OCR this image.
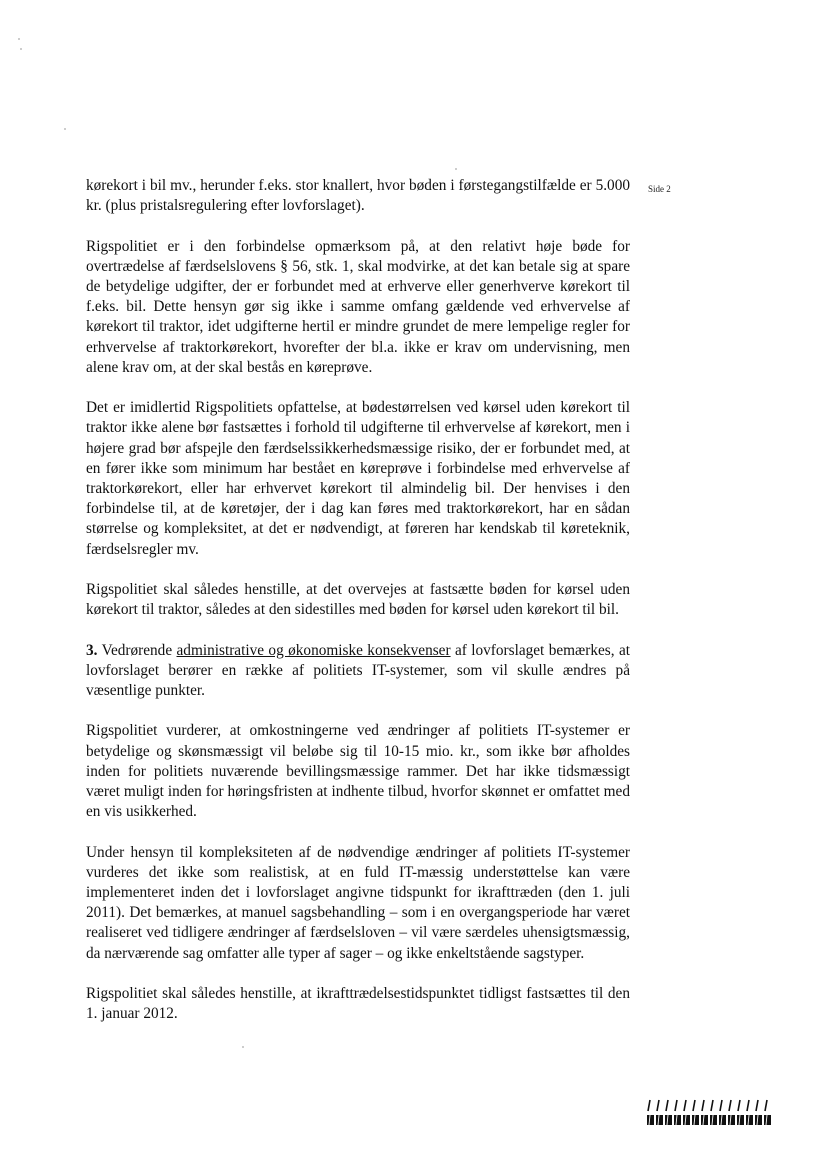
Side 2

kørekort i bil mv., herunder f.eks. stor knallert, hvor bøden i førstegangstilfælde er 5.000 kr. (plus pristalsregulering efter lovforslaget).

Rigspolitiet er i den forbindelse opmærksom på, at den relativt høje bøde for overtrædelse af færdselslovens § 56, stk. 1, skal modvirke, at det kan betale sig at spare de betydelige udgifter, der er forbundet med at erhverve eller generhverve kørekort til f.eks. bil. Dette hensyn gør sig ikke i samme omfang gældende ved erhvervelse af kørekort til traktor, idet udgifterne hertil er mindre grundet de mere lempelige regler for erhvervelse af traktorkørekort, hvorefter der bl.a. ikke er krav om undervisning, men alene krav om, at der skal bestås en køreprøve.

Det er imidlertid Rigspolitiets opfattelse, at bødestørrelsen ved kørsel uden kørekort til traktor ikke alene bør fastsættes i forhold til udgifterne til erhvervelse af kørekort, men i højere grad bør afspejle den færdselssikkerhedsmæssige risiko, der er forbundet med, at en fører ikke som minimum har bestået en køreprøve i forbindelse med erhvervelse af traktorkørekort, eller har erhvervet kørekort til almindelig bil. Der henvises i den forbindelse til, at de køretøjer, der i dag kan føres med traktorkørekort, har en sådan størrelse og kompleksitet, at det er nødvendigt, at føreren har kendskab til køreteknik, færdselsregler mv.

Rigspolitiet skal således henstille, at det overvejes at fastsætte bøden for kørsel uden kørekort til traktor, således at den sidestilles med bøden for kørsel uden kørekort til bil.

3. Vedrørende administrative og økonomiske konsekvenser af lovforslaget bemærkes, at lovforslaget berører en række af politiets IT-systemer, som vil skulle ændres på væsentlige punkter.

Rigspolitiet vurderer, at omkostningerne ved ændringer af politiets IT-systemer er betydelige og skønsmæssigt vil beløbe sig til 10-15 mio. kr., som ikke bør afholdes inden for politiets nuværende bevillingsmæssige rammer. Det har ikke tidsmæssigt været muligt inden for høringsfristen at indhente tilbud, hvorfor skønnet er omfattet med en vis usikkerhed.

Under hensyn til kompleksiteten af de nødvendige ændringer af politiets IT-systemer vurderes det ikke som realistisk, at en fuld IT-mæssig understøttelse kan være implementeret inden det i lovforslaget angivne tidspunkt for ikrafttræden (den 1. juli 2011). Det bemærkes, at manuel sagsbehandling – som i en overgangsperiode har været realiseret ved tidligere ændringer af færdselsloven – vil være særdeles uhensigtsmæssig, da nærværende sag omfatter alle typer af sager – og ikke enkeltstående sagstyper.

Rigspolitiet skal således henstille, at ikrafttrædelsestidspunktet tidligst fastsættes til den 1. januar 2012.
